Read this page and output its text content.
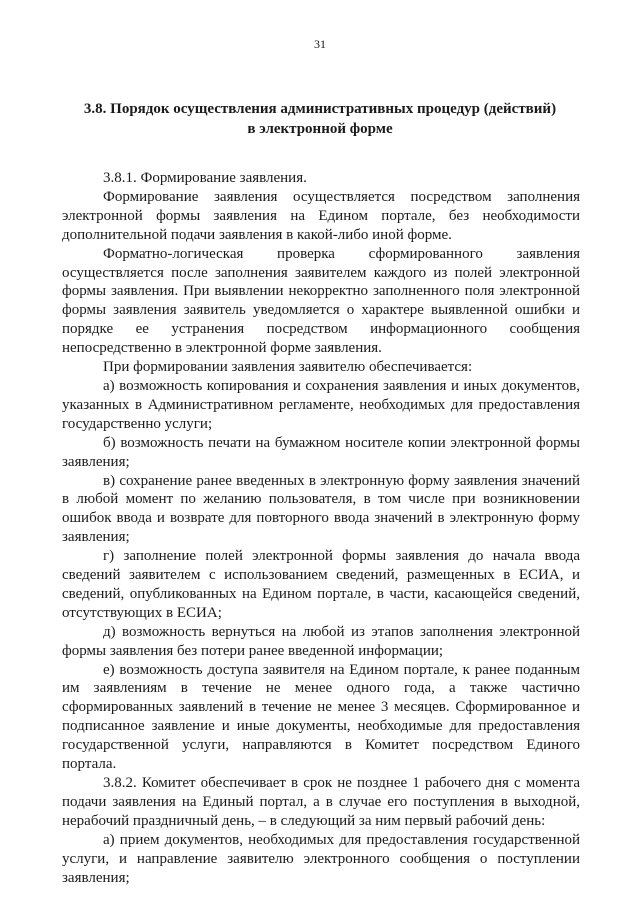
31
3.8. Порядок осуществления административных процедур (действий)
в электронной форме

3.8.1. Формирование заявления.

Формирование заявления осуществляется посредством заполнения электронной формы заявления на Едином портале, без необходимости дополнительной подачи заявления в какой-либо иной форме.

Форматно-логическая проверка сформированного заявления осуществляется после заполнения заявителем каждого из полей электронной формы заявления. При выявлении некорректно заполненного поля электронной формы заявления заявитель уведомляется о характере выявленной ошибки и порядке ее устранения посредством информационного сообщения непосредственно в электронной форме заявления.

При формировании заявления заявителю обеспечивается:

а) возможность копирования и сохранения заявления и иных документов, указанных в Административном регламенте, необходимых для предоставления государственно услуги;

б) возможность печати на бумажном носителе копии электронной формы заявления;

в) сохранение ранее введенных в электронную форму заявления значений в любой момент по желанию пользователя, в том числе при возникновении ошибок ввода и возврате для повторного ввода значений в электронную форму заявления;

г) заполнение полей электронной формы заявления до начала ввода сведений заявителем с использованием сведений, размещенных в ЕСИА, и сведений, опубликованных на Едином портале, в части, касающейся сведений, отсутствующих в ЕСИА;

д) возможность вернуться на любой из этапов заполнения электронной формы заявления без потери ранее введенной информации;

е) возможность доступа заявителя на Едином портале, к ранее поданным им заявлениям в течение не менее одного года, а также частично сформированных заявлений в течение не менее 3 месяцев. Сформированное и подписанное заявление и иные документы, необходимые для предоставления государственной услуги, направляются в Комитет посредством Единого портала.

3.8.2. Комитет обеспечивает в срок не позднее 1 рабочего дня с момента подачи заявления на Единый портал, а в случае его поступления в выходной, нерабочий праздничный день, – в следующий за ним первый рабочий день:

а) прием документов, необходимых для предоставления государственной услуги, и направление заявителю электронного сообщения о поступлении заявления;
